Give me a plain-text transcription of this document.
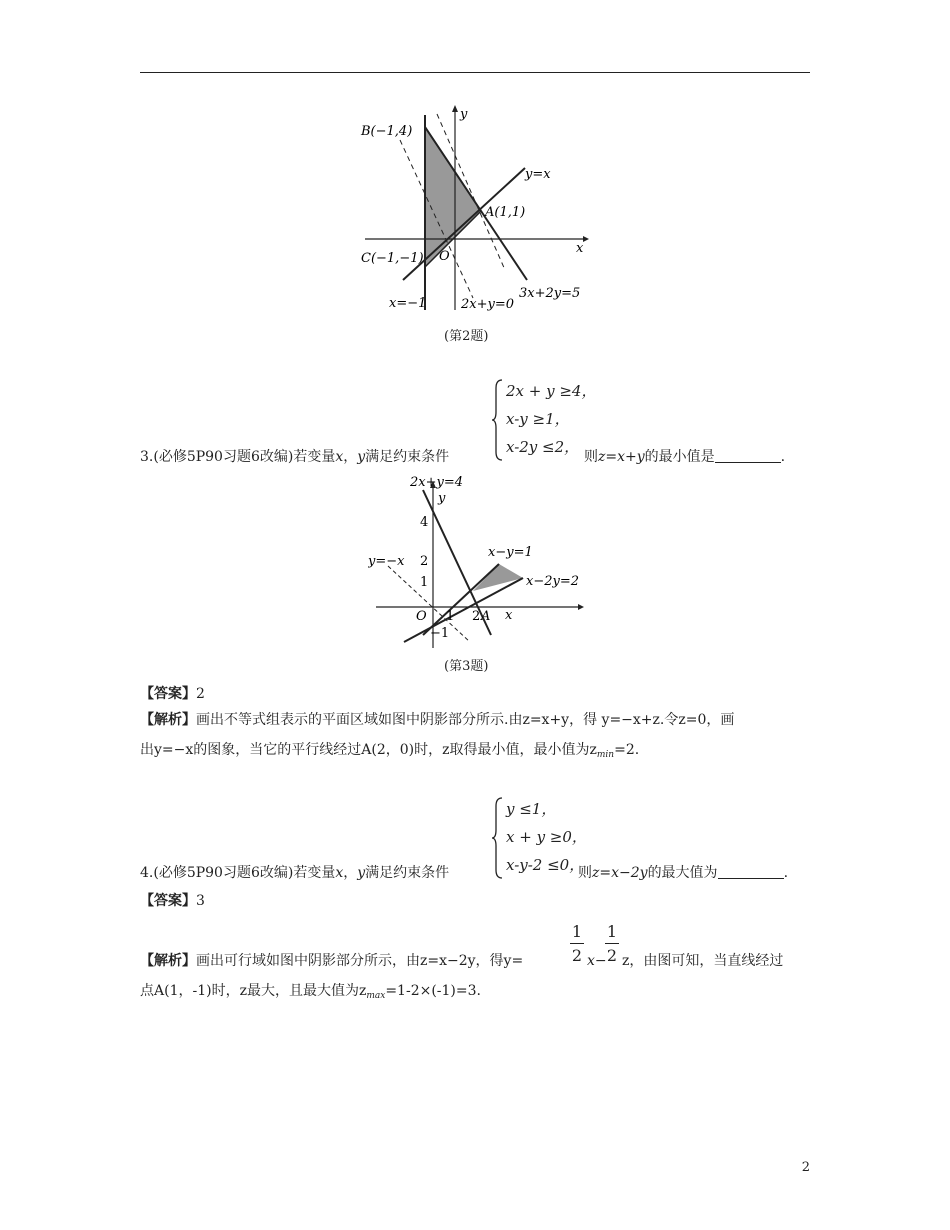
B(−1,4)
y
y=x
A(1,1)
x
C(−1,−1) O
x=−1	2x+y=0
3x+2y=5
(第2题)
2x + y ≥4，
x-y ≥1，
x-2y ≤2，
3.(必修5P90习题6改编)若变量x，y满足约束条件	则z=x+y的最小值是	.
2x+y=4
y
4
2
1
y=−x
x−y=1
x−2y=2
O 1 2 A x
−1
(第3题)
【答案】2
【解析】画出不等式组表示的平面区域如图中阴影部分所示.由z=x+y，得 y=−x+z.令z=0，画
出y=−x的图象，当它的平行线经过A(2，0)时，z取得最小值，最小值为$z_{min}=2$.
y ≤1，
x + y ≥0，
x-y-2 ≤0，
4.(必修5P90习题6改编)若变量x，y满足约束条件	则z=x−2y的最大值为	.
【答案】3
1
2
1
2
【解析】画出可行域如图中阴影部分所示，由z=x−2y，得y=	x− z，由图可知，当直线经过
点A(1，-1)时，z最大，且最大值为$z_{max}=1-2\times(-1)=3$.
2
